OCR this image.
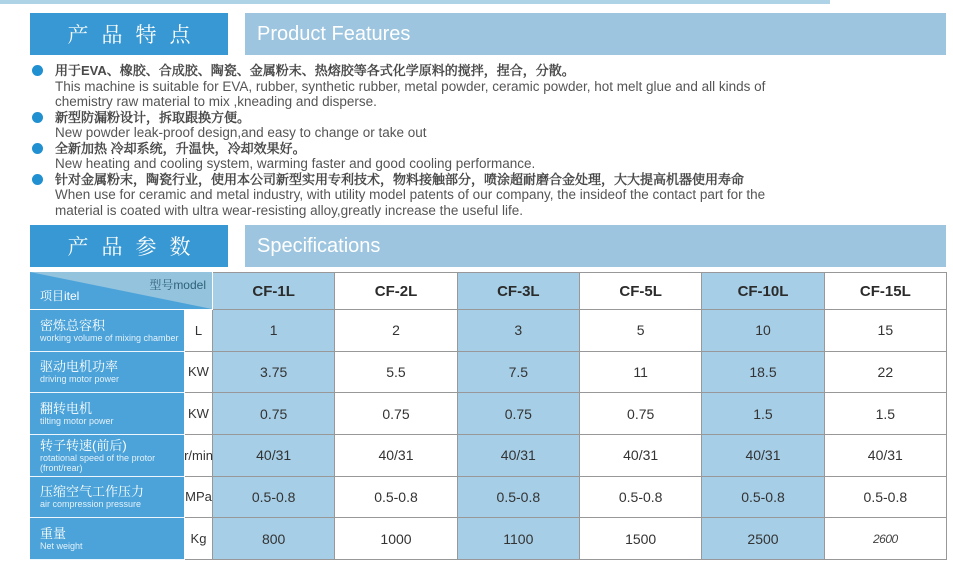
产品特点	Product Features
用于EVA、橡胶、合成胶、陶瓷、金属粉末、热熔胶等各式化学原料的搅拌，捏合，分散。
This machine is suitable for EVA, rubber, synthetic rubber, metal powder, ceramic powder, hot melt glue and all kinds of
chemistry raw material to mix ,kneading and disperse.
新型防漏粉设计，拆取跟换方便。
New powder leak-proof design,and easy to change or take out
全新加热 冷却系统，升温快，冷却效果好。
New heating and cooling system, warming faster and good cooling performance.
针对金属粉末，陶瓷行业，使用本公司新型实用专利技术，物料接触部分，喷涂超耐磨合金处理，大大提高机器使用寿命
When use for ceramic and metal industry, with utility model patents of our company, the insideof the contact part for the
material is coated with ultra wear-resisting alloy,greatly increase the useful life.
产品参数	Specifications
型号model
项目itel	CF-1L	CF-2L	CF-3L	CF-5L	CF-10L	CF-15L
密炼总容积
working volume of mixing chamber	L	1	2	3	5	10	15
驱动电机功率
driving motor power	KW	3.75	5.5	7.5	11	18.5	22
翻转电机
tilting motor power	KW	0.75	0.75	0.75	0.75	1.5	1.5
转子转速(前后)
rotational speed of the protor (front/rear)
r/min	40/31	40/31	40/31	40/31	40/31	40/31
压缩空气工作压力
air compression pressure	MPa	0.5-0.8	0.5-0.8	0.5-0.8	0.5-0.8	0.5-0.8	0.5-0.8
重量
Net weight	Kg	800	1000	1100	1500	2500	2600
